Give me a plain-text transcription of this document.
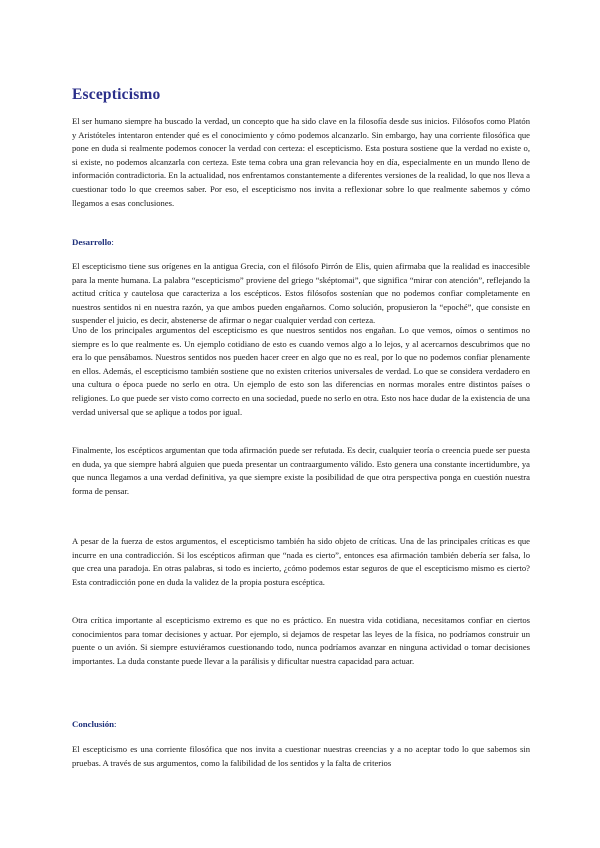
Escepticismo

El ser humano siempre ha buscado la verdad, un concepto que ha sido clave en la filosofía desde sus inicios. Filósofos como Platón y Aristóteles intentaron entender qué es el conocimiento y cómo podemos alcanzarlo. Sin embargo, hay una corriente filosófica que pone en duda si realmente podemos conocer la verdad con certeza: el escepticismo. Esta postura sostiene que la verdad no existe o, si existe, no podemos alcanzarla con certeza. Este tema cobra una gran relevancia hoy en día, especialmente en un mundo lleno de información contradictoria. En la actualidad, nos enfrentamos constantemente a diferentes versiones de la realidad, lo que nos lleva a cuestionar todo lo que creemos saber. Por eso, el escepticismo nos invita a reflexionar sobre lo que realmente sabemos y cómo llegamos a esas conclusiones.

Desarrollo:

El escepticismo tiene sus orígenes en la antigua Grecia, con el filósofo Pirrón de Elis, quien afirmaba que la realidad es inaccesible para la mente humana. La palabra “escepticismo” proviene del griego “sképtomai”, que significa “mirar con atención”, reflejando la actitud crítica y cautelosa que caracteriza a los escépticos. Estos filósofos sostenían que no podemos confiar completamente en nuestros sentidos ni en nuestra razón, ya que ambos pueden engañarnos. Como solución, propusieron la “epoché”, que consiste en suspender el juicio, es decir, abstenerse de afirmar o negar cualquier verdad con certeza.

Uno de los principales argumentos del escepticismo es que nuestros sentidos nos engañan. Lo que vemos, oímos o sentimos no siempre es lo que realmente es. Un ejemplo cotidiano de esto es cuando vemos algo a lo lejos, y al acercarnos descubrimos que no era lo que pensábamos. Nuestros sentidos nos pueden hacer creer en algo que no es real, por lo que no podemos confiar plenamente en ellos. Además, el escepticismo también sostiene que no existen criterios universales de verdad. Lo que se considera verdadero en una cultura o época puede no serlo en otra. Un ejemplo de esto son las diferencias en normas morales entre distintos países o religiones. Lo que puede ser visto como correcto en una sociedad, puede no serlo en otra. Esto nos hace dudar de la existencia de una verdad universal que se aplique a todos por igual.

Finalmente, los escépticos argumentan que toda afirmación puede ser refutada. Es decir, cualquier teoría o creencia puede ser puesta en duda, ya que siempre habrá alguien que pueda presentar un contraargumento válido. Esto genera una constante incertidumbre, ya que nunca llegamos a una verdad definitiva, ya que siempre existe la posibilidad de que otra perspectiva ponga en cuestión nuestra forma de pensar.

A pesar de la fuerza de estos argumentos, el escepticismo también ha sido objeto de críticas. Una de las principales críticas es que incurre en una contradicción. Si los escépticos afirman que “nada es cierto”, entonces esa afirmación también debería ser falsa, lo que crea una paradoja. En otras palabras, si todo es incierto, ¿cómo podemos estar seguros de que el escepticismo mismo es cierto? Esta contradicción pone en duda la validez de la propia postura escéptica.

Otra crítica importante al escepticismo extremo es que no es práctico. En nuestra vida cotidiana, necesitamos confiar en ciertos conocimientos para tomar decisiones y actuar. Por ejemplo, si dejamos de respetar las leyes de la física, no podríamos construir un puente o un avión. Si siempre estuviéramos cuestionando todo, nunca podríamos avanzar en ninguna actividad o tomar decisiones importantes. La duda constante puede llevar a la parálisis y dificultar nuestra capacidad para actuar.

Conclusión:

El escepticismo es una corriente filosófica que nos invita a cuestionar nuestras creencias y a no aceptar todo lo que sabemos sin pruebas. A través de sus argumentos, como la falibilidad de los sentidos y la falta de criterios
